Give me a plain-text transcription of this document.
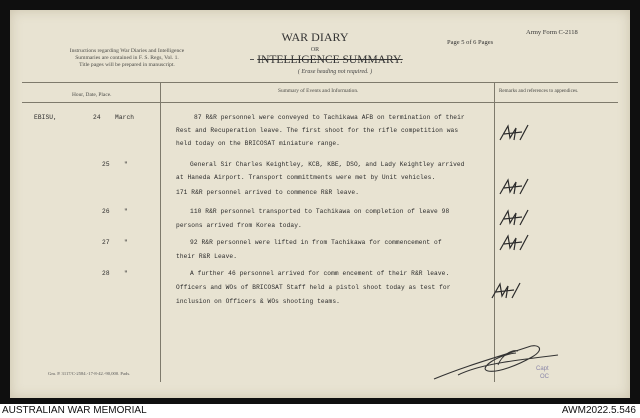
Instructions regarding War Diaries and Intelligence
Summaries are contained in F. S. Regs, Vol. 1.
Title pages will be prepared in manuscript.
WAR DIARY
OR
INTELLIGENCE SUMMARY.
( Erase heading not required. )
Army Form C-2118
Page 5 of 6 Pages
Hour, Date, Place.
Summary of Events and Information.	Remarks and references to appendices.
EBISU,	24 March	87 R&R personnel were conveyed to Tachikawa AFB on termination of their
Rest and Recuperation leave. The first shoot for the rifle competition was
held today on the BRICOSAT miniature range.
25 "	General Sir Charles Keightley, KCB, KBE, DSO, and Lady Keightley arrived
at Haneda Airport. Transport committments were met by Unit vehicles.
171 R&R personnel arrived to commence R&R leave.
26 "	110 R&R personnel transported to Tachikawa on completion of leave 98
persons arrived from Korea today.
27 "	92 R&R personnel were lifted in from Tachikawa for commencement of
their R&R Leave.
28 "	A further 46 personnel arrived for comm encement of their R&R leave.
Officers and WOs of BRICOSAT Staff held a pistol shoot today as test for
inclusion on Officers & WOs shooting teams.
Capt
OC
Gm. P. 3117/C-2584.-17-8-42.-90,000. Pads.
AUSTRALIAN WAR MEMORIAL	AWM2022.5.546
